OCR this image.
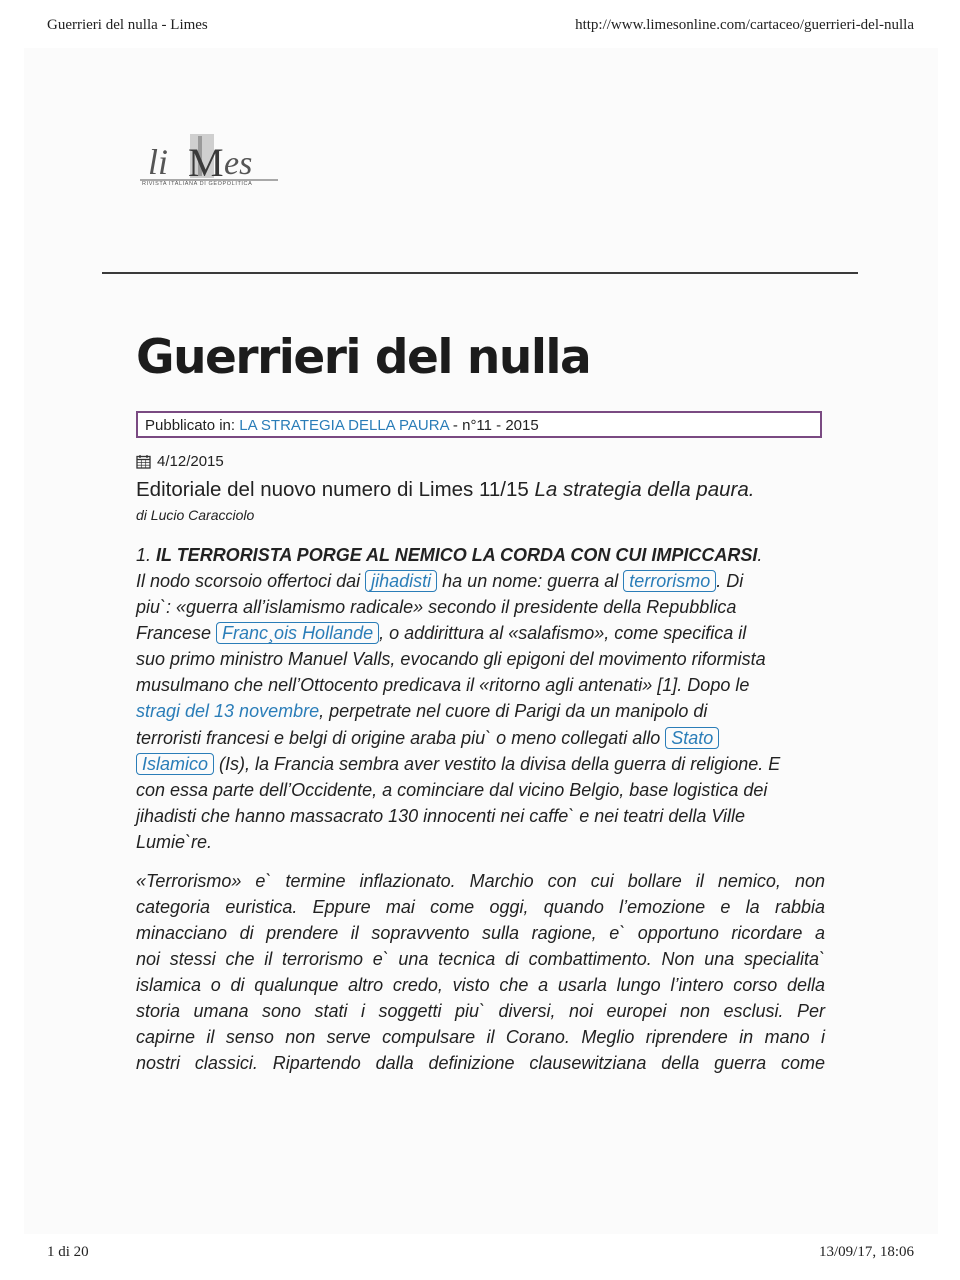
Guerrieri del nulla - Limes	http://www.limesonline.com/cartaceo/guerrieri-del-nulla
li M es
RIVISTA ITALIANA DI GEOPOLITICA
Guerrieri del nulla
Pubblicato in: LA STRATEGIA DELLA PAURA - n°11 - 2015
4/12/2015
Editoriale del nuovo numero di Limes 11/15 La strategia della paura.
di Lucio Caracciolo
1. IL TERRORISTA PORGE AL NEMICO LA CORDA CON CUI IMPICCARSI.
Il nodo scorsoio offertoci dai jihadisti ha un nome: guerra al terrorismo . Di
piu`: «guerra all’islamismo radicale» secondo il presidente della Repubblica
Francese Franc¸ois Hollande , o addirittura al «salafismo», come specifica il
suo primo ministro Manuel Valls, evocando gli epigoni del movimento riformista
musulmano che nell’Ottocento predicava il «ritorno agli antenati» [1]. Dopo le
stragi del 13 novembre, perpetrate nel cuore di Parigi da un manipolo di
terroristi francesi e belgi di origine araba piu` o meno collegati allo Stato
Islamico (Is), la Francia sembra aver vestito la divisa della guerra di religione. E
con essa parte dell’Occidente, a cominciare dal vicino Belgio, base logistica dei
jihadisti che hanno massacrato 130 innocenti nei caffe` e nei teatri della Ville
Lumie`re.
«Terrorismo» e` termine inflazionato. Marchio con cui bollare il nemico, non
categoria euristica. Eppure mai come oggi, quando l’emozione e la rabbia
minacciano di prendere il sopravvento sulla ragione, e` opportuno ricordare a
noi stessi che il terrorismo e` una tecnica di combattimento. Non una specialita`
islamica o di qualunque altro credo, visto che a usarla lungo l’intero corso della
storia umana sono stati i soggetti piu` diversi, noi europei non esclusi. Per
capirne il senso non serve compulsare il Corano. Meglio riprendere in mano i
nostri classici. Ripartendo dalla definizione clausewitziana della guerra come
1 di 20	13/09/17, 18:06
